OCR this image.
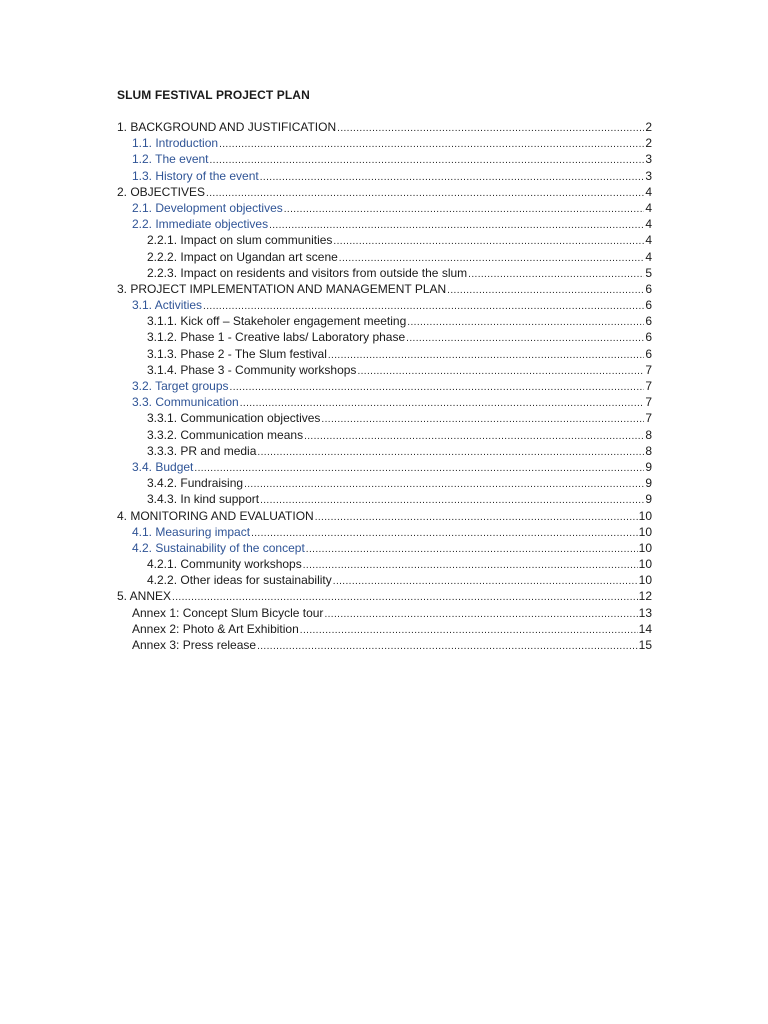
SLUM FESTIVAL PROJECT PLAN
1. BACKGROUND AND JUSTIFICATION .....	2
1.1. Introduction .....	2
1.2. The event .....	3
1.3. History of the event .....	3
2. OBJECTIVES .....	4
2.1. Development objectives .....	4
2.2. Immediate objectives .....	4
2.2.1. Impact on slum communities .....	4
2.2.2. Impact on Ugandan art scene .....	4
2.2.3. Impact on residents and visitors from outside the slum .....	5
3. PROJECT IMPLEMENTATION AND MANAGEMENT PLAN .....	6
3.1. Activities .....	6
3.1.1. Kick off – Stakeholer engagement meeting .....	6
3.1.2. Phase 1 - Creative labs/ Laboratory phase .....	6
3.1.3. Phase 2 - The Slum festival .....	6
3.1.4. Phase 3 - Community workshops .....	7
3.2. Target groups .....	7
3.3. Communication .....	7
3.3.1. Communication objectives .....	7
3.3.2. Communication means .....	8
3.3.3. PR and media .....	8
3.4. Budget .....	9
3.4.2. Fundraising .....	9
3.4.3. In kind support .....	9
4. MONITORING AND EVALUATION .....	10
4.1. Measuring impact .....	10
4.2. Sustainability of the concept .....	10
4.2.1. Community workshops .....	10
4.2.2. Other ideas for sustainability .....	10
5. ANNEX .....	12
Annex 1: Concept Slum Bicycle tour .....	13
Annex 2: Photo & Art Exhibition .....	14
Annex 3: Press release .....	15
